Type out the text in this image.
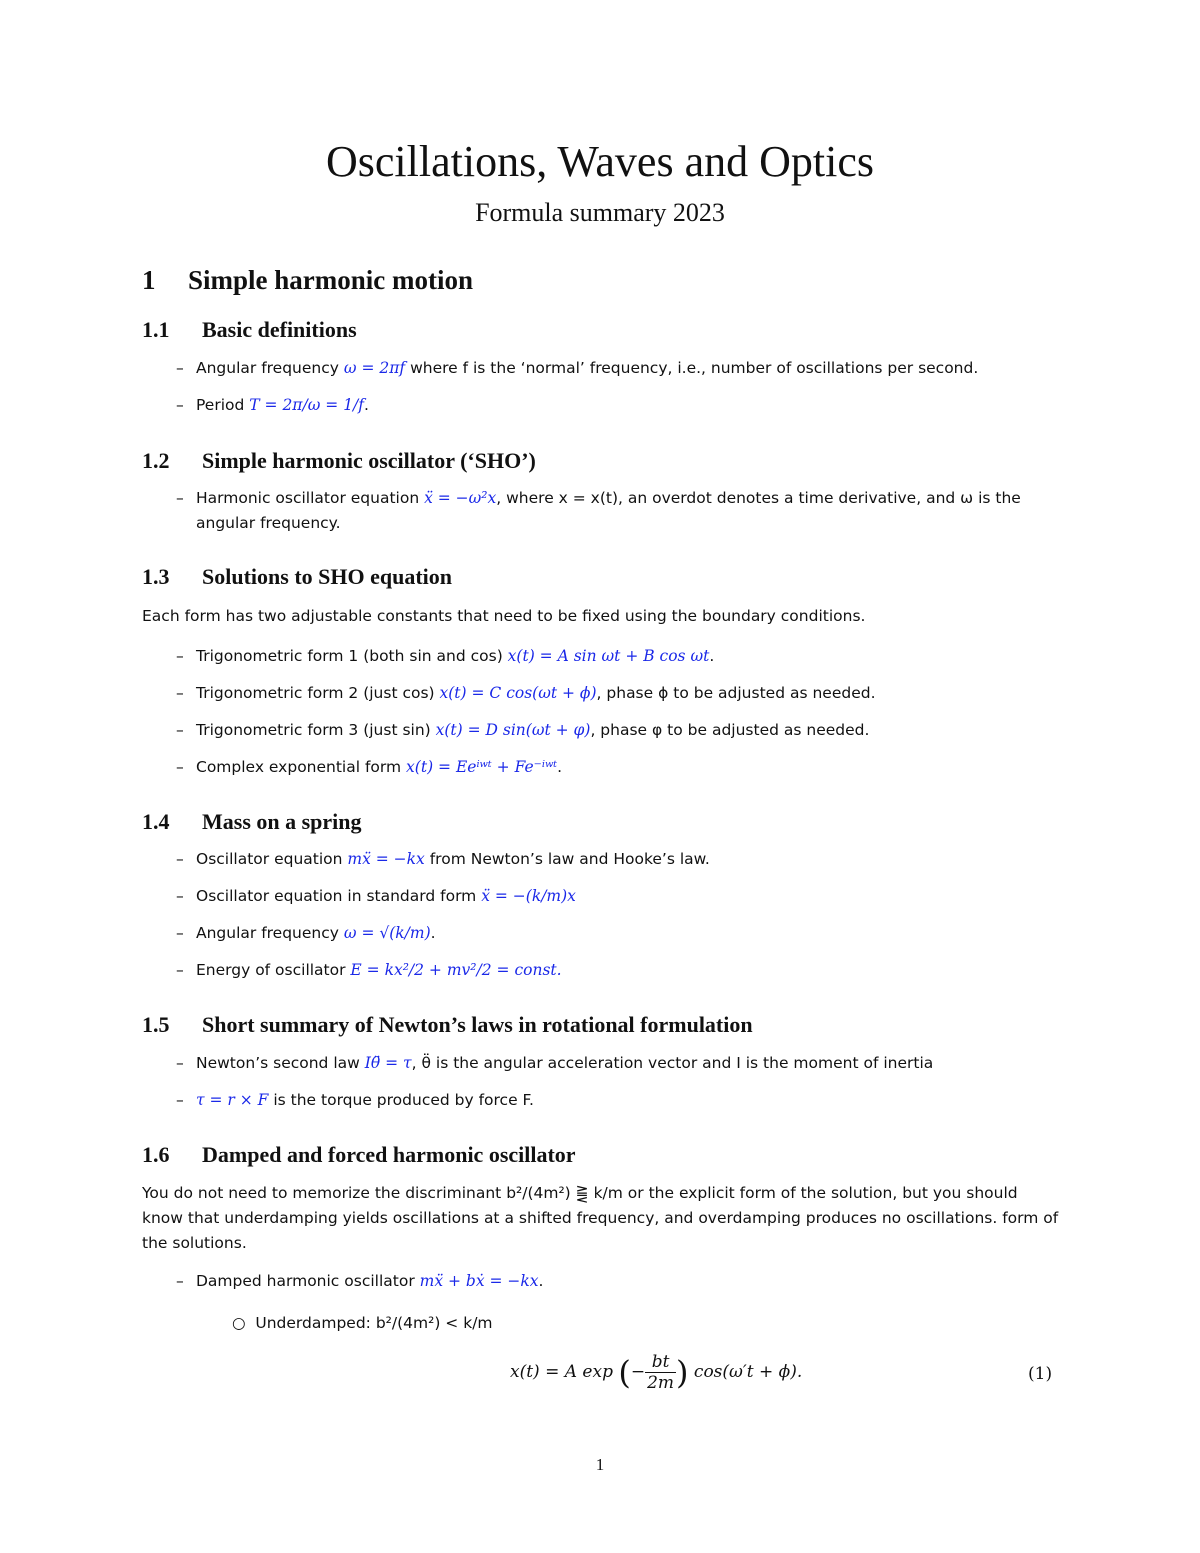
Oscillations, Waves and Optics
Formula summary 2023
1 Simple harmonic motion
1.1 Basic definitions
– Angular frequency ω = 2πf where f is the ‘normal’ frequency, i.e., number of oscillations per second.
– Period T = 2π/ω = 1/f.
1.2 Simple harmonic oscillator (‘SHO’)
– Harmonic oscillator equation ẍ = −ω²x, where x = x(t), an overdot denotes a time derivative, and ω is the angular frequency.
1.3 Solutions to SHO equation
Each form has two adjustable constants that need to be fixed using the boundary conditions.
– Trigonometric form 1 (both sin and cos) x(t) = A sin ωt + B cos ωt.
– Trigonometric form 2 (just cos) x(t) = C cos(ωt + ϕ), phase ϕ to be adjusted as needed.
– Trigonometric form 3 (just sin) x(t) = D sin(ωt + φ), phase φ to be adjusted as needed.
– Complex exponential form x(t) = Eeⁱʷᵗ + Fe⁻ⁱʷᵗ.
1.4 Mass on a spring
– Oscillator equation mẍ = −kx from Newton’s law and Hooke’s law.
– Oscillator equation in standard form ẍ = −(k/m)x
– Angular frequency ω = √(k/m).
– Energy of oscillator E = kx²/2 + mv²/2 = const.
1.5 Short summary of Newton’s laws in rotational formulation
– Newton’s second law Iθ̈ = τ, θ̈ is the angular acceleration vector and I is the moment of inertia
– τ = r × F is the torque produced by force F.
1.6 Damped and forced harmonic oscillator
You do not need to memorize the discriminant b²/(4m²) ⪌ k/m or the explicit form of the solution, but you should know that underdamping yields oscillations at a shifted frequency, and overdamping produces no oscillations. form of the solutions.
– Damped harmonic oscillator mẍ + bẋ = −kx.
○  Underdamped: b²/(4m²) < k/m
x(t) = A exp (− $\frac{bt}{2m}$ ) cos(ω′t + ϕ).	(1)
1
